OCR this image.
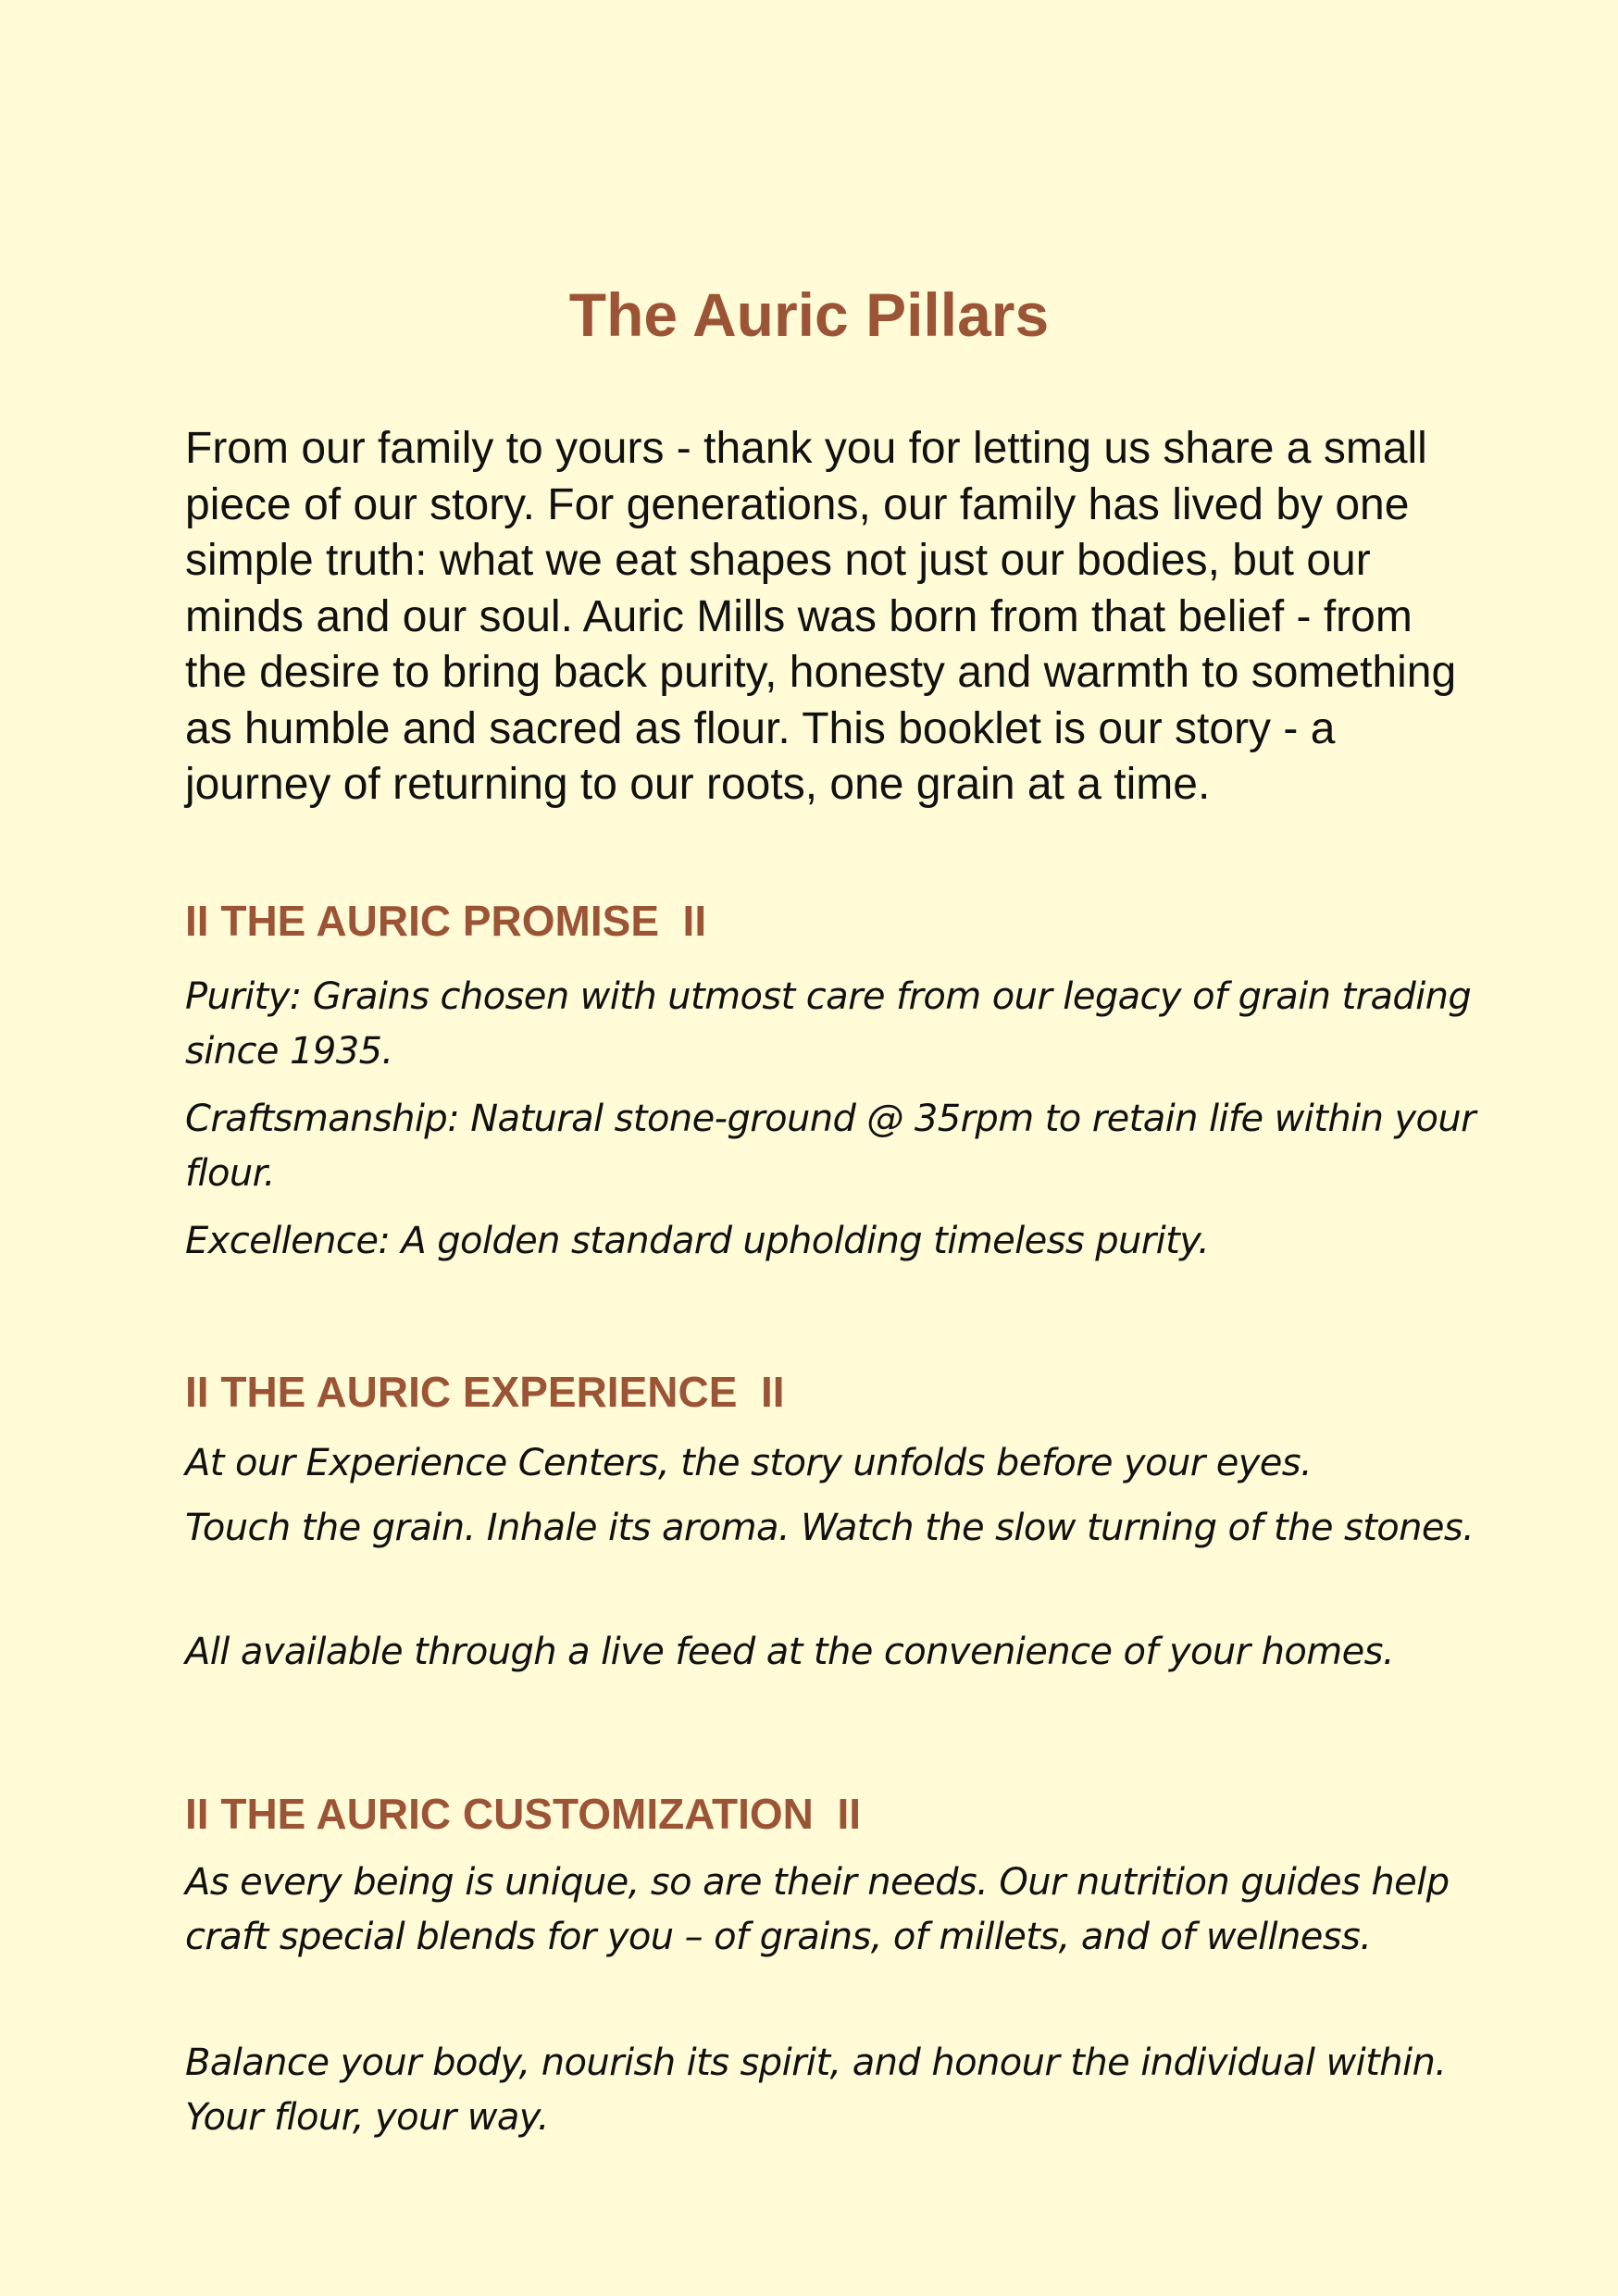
The Auric Pillars

From our family to yours - thank you for letting us share a small piece of our story. For generations, our family has lived by one simple truth: what we eat shapes not just our bodies, but our minds and our soul. Auric Mills was born from that belief - from the desire to bring back purity, honesty and warmth to something as humble and sacred as flour. This booklet is our story - a journey of returning to our roots, one grain at a time.

II THE AURIC PROMISE  II

Purity: Grains chosen with utmost care from our legacy of grain trading since 1935.

Craftsmanship: Natural stone-ground @ 35rpm to retain life within your flour.

Excellence: A golden standard upholding timeless purity.

II THE AURIC EXPERIENCE  II

At our Experience Centers, the story unfolds before your eyes.

Touch the grain. Inhale its aroma. Watch the slow turning of the stones.

All available through a live feed at the convenience of your homes.

II THE AURIC CUSTOMIZATION  II

As every being is unique, so are their needs. Our nutrition guides help craft special blends for you – of grains, of millets, and of wellness.

Balance your body, nourish its spirit, and honour the individual within. Your flour, your way.
